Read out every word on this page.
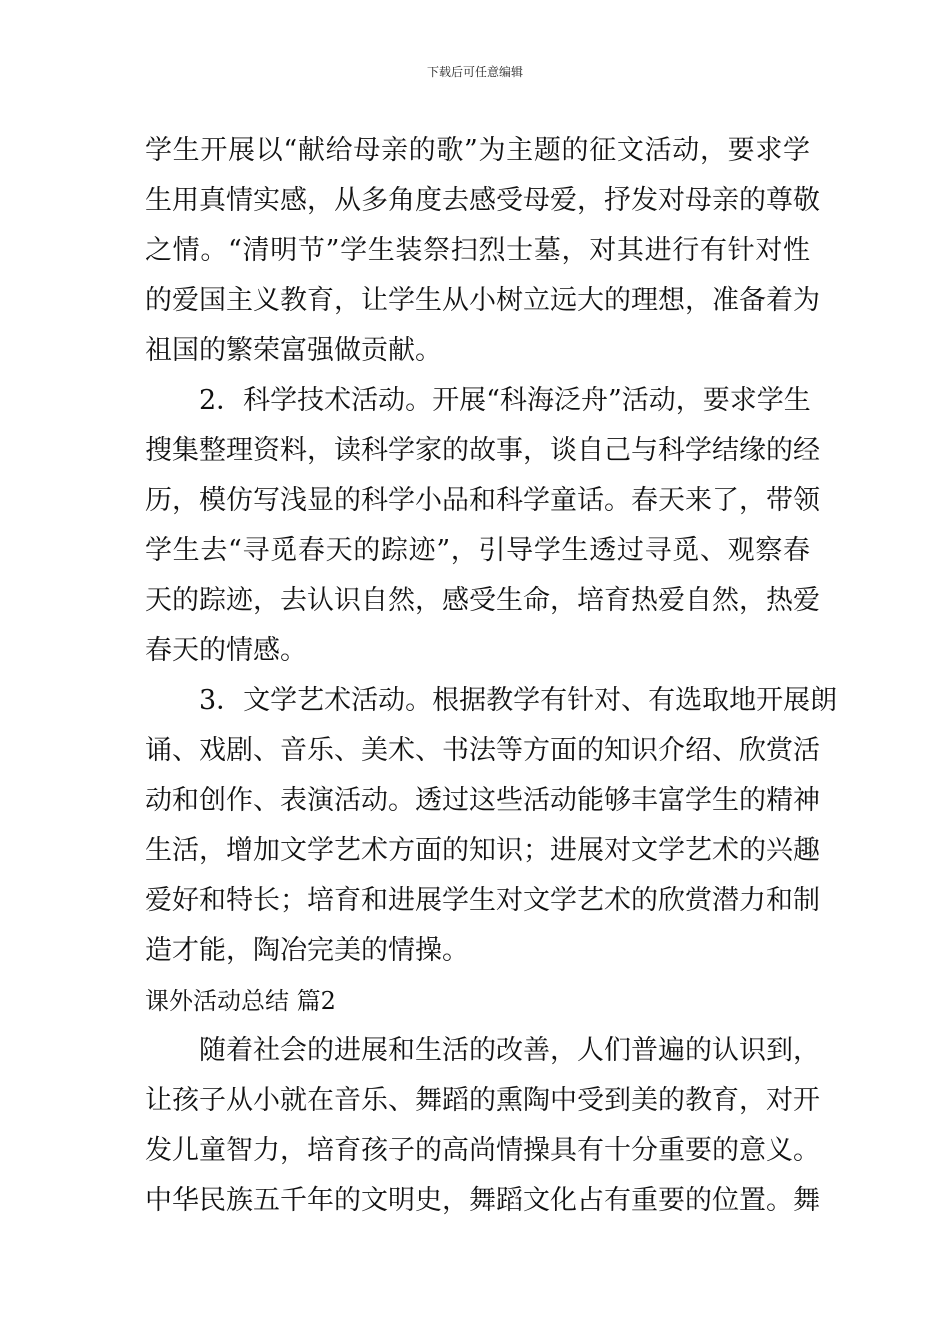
下载后可任意编辑
学生开展以“献给母亲的歌”为主题的征文活动，要求学
生用真情实感，从多角度去感受母爱，抒发对母亲的尊敬
之情。“清明节”学生装祭扫烈士墓，对其进行有针对性
的爱国主义教育，让学生从小树立远大的理想，准备着为
祖国的繁荣富强做贡献。
2．科学技术活动。开展“科海泛舟”活动，要求学生
搜集整理资料，读科学家的故事，谈自己与科学结缘的经
历，模仿写浅显的科学小品和科学童话。春天来了，带领
学生去“寻觅春天的踪迹”，引导学生透过寻觅、观察春
天的踪迹，去认识自然，感受生命，培育热爱自然，热爱
春天的情感。
3．文学艺术活动。根据教学有针对、有选取地开展朗
诵、戏剧、音乐、美术、书法等方面的知识介绍、欣赏活
动和创作、表演活动。透过这些活动能够丰富学生的精神
生活，增加文学艺术方面的知识；进展对文学艺术的兴趣
爱好和特长；培育和进展学生对文学艺术的欣赏潜力和制
造才能，陶冶完美的情操。
课外活动总结 篇2
随着社会的进展和生活的改善，人们普遍的认识到，
让孩子从小就在音乐、舞蹈的熏陶中受到美的教育，对开
发儿童智力，培育孩子的高尚情操具有十分重要的意义。
中华民族五千年的文明史，舞蹈文化占有重要的位置。舞
